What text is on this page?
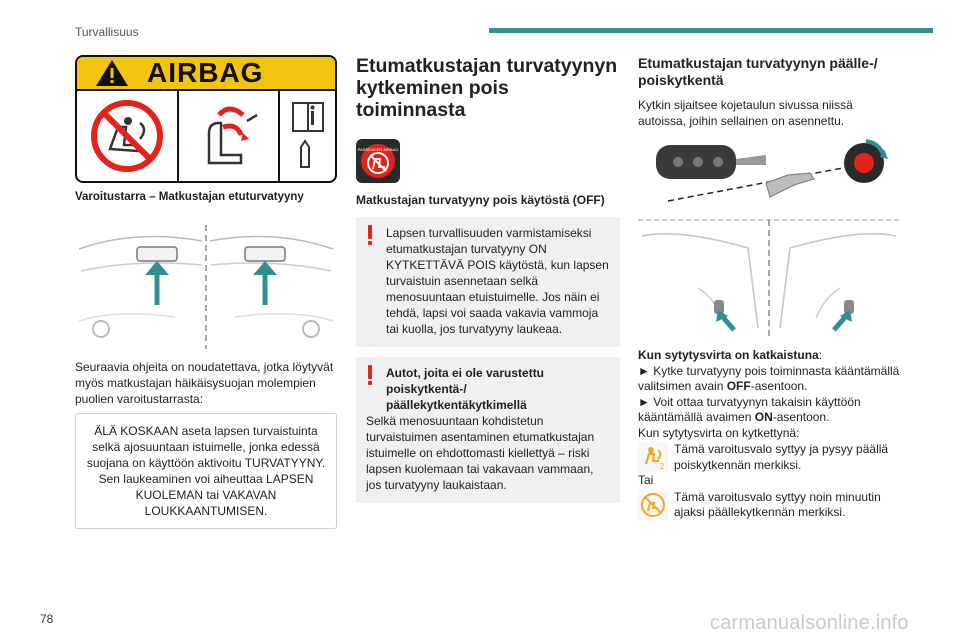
Turvallisuus
AIRBAG
Varoitustarra – Matkustajan etuturvatyyny
Seuraavia ohjeita on noudatettava, jotka löytyvät myös matkustajan häikäisysuojan molempien puolien varoitustarrasta:
ÄLÄ KOSKAAN aseta lapsen turvaistuinta selkä ajosuuntaan istuimelle, jonka edessä suojana on käyttöön aktivoitu TURVATYYNY. Sen laukeaminen voi aiheuttaa LAPSEN KUOLEMAN tai VAKAVAN LOUKKAANTUMISEN.
Etumatkustajan turvatyynyn kytkeminen pois toiminnasta
PASSENGER AIRBAG
Matkustajan turvatyyny pois käytöstä (OFF)
Lapsen turvallisuuden varmistamiseksi etumatkustajan turvatyyny ON KYTKETTÄVÄ POIS käytöstä, kun lapsen turvaistuin asennetaan selkä menosuuntaan etuistuimelle. Jos näin ei tehdä, lapsi voi saada vakavia vammoja tai kuolla, jos turvatyyny laukeaa.
Autot, joita ei ole varustettu poiskytkentä-/ päällekytkentäkytkimellä
Selkä menosuuntaan kohdistetun turvaistuimen asentaminen etumatkustajan istuimelle on ehdottomasti kiellettyä – riski lapsen kuolemaan tai vakavaan vammaan, jos turvatyyny laukaistaan.
Etumatkustajan turvatyynyn päälle-/ poiskytkentä
Kytkin sijaitsee kojetaulun sivussa niissä autoissa, joihin sellainen on asennettu.
Kun sytytysvirta on katkaistuna:
► Kytke turvatyyny pois toiminnasta kääntämällä valitsimen avain OFF-asentoon.
► Voit ottaa turvatyynyn takaisin käyttöön kääntämällä avaimen ON-asentoon.
Kun sytytysvirta on kytkettynä:
2
Tämä varoitusvalo syttyy ja pysyy päällä poiskytkennän merkiksi.
Tai
Tämä varoitusvalo syttyy noin minuutin ajaksi päällekytkennän merkiksi.
78	carmanualsonline.info
